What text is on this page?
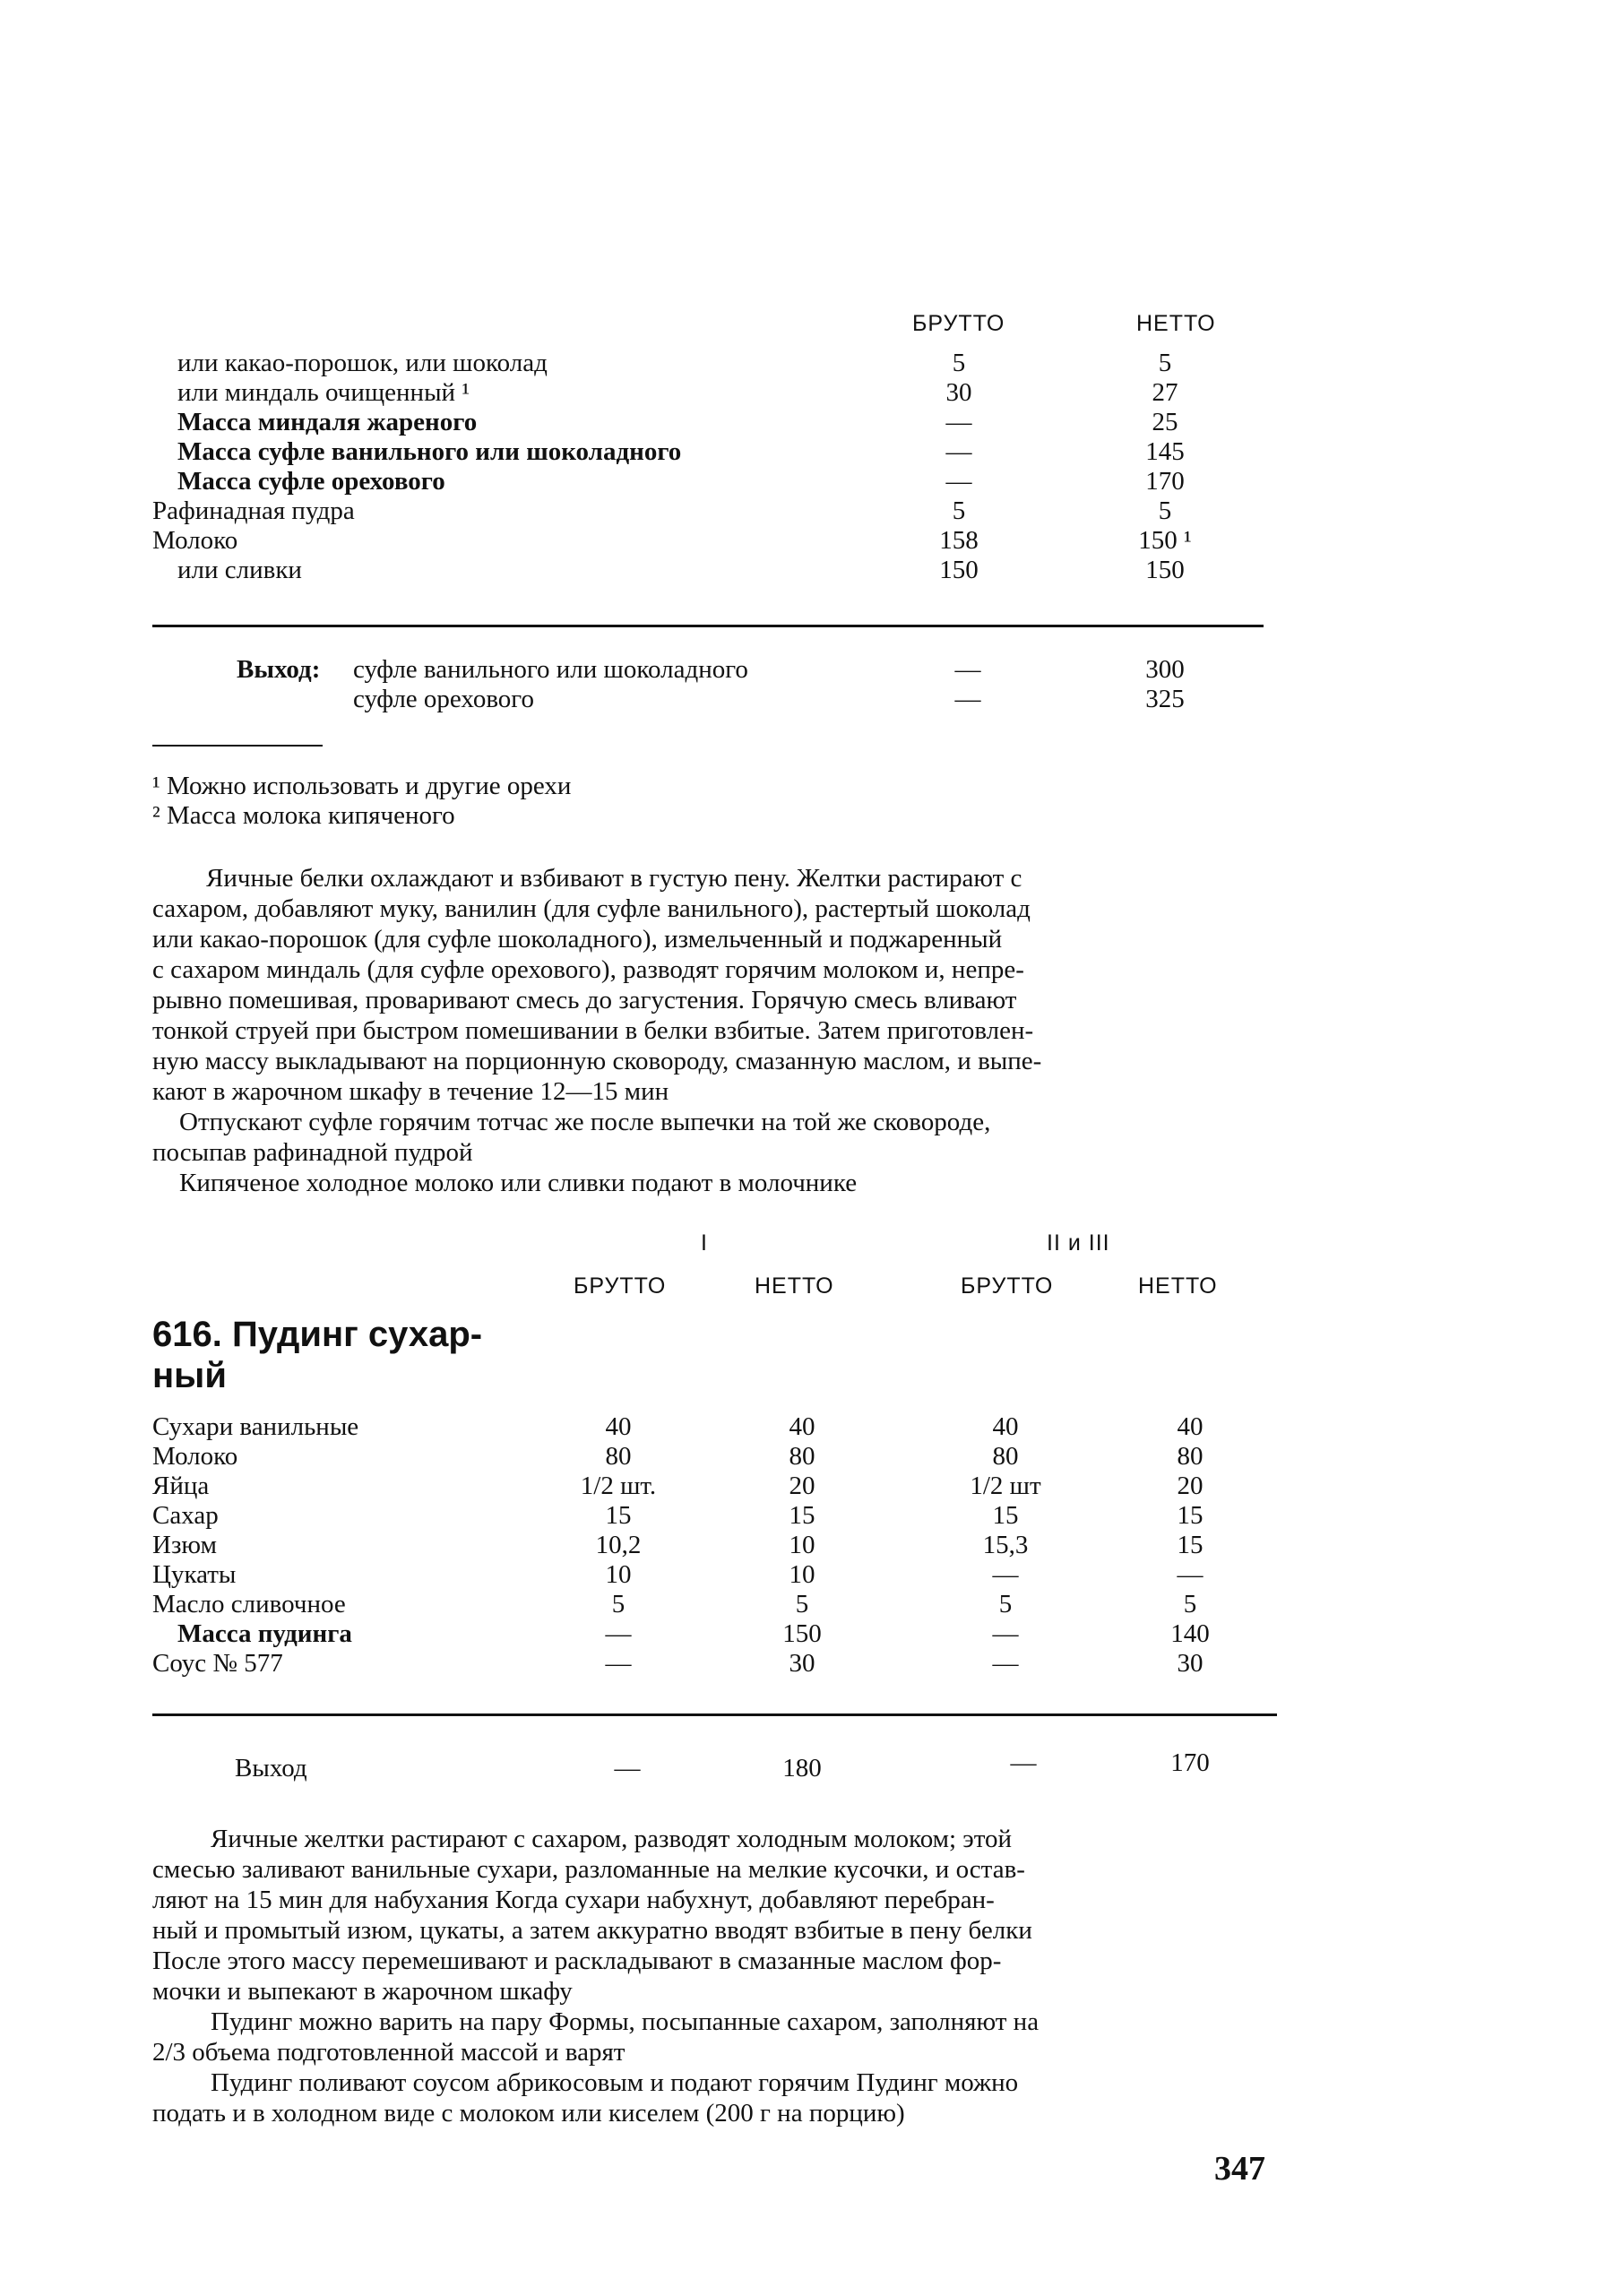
БРУТТО	НЕТТО
или какао-порошок, или шоколад	5	5
или миндаль очищенный ¹	30	27
Масса миндаля жареного	—	25
Масса суфле ванильного или шоколадного	—	145
Масса суфле орехового	—	170
Рафинадная пудра	5	5
Молоко	158	150 ¹
или сливки	150	150
Выход: суфле ванильного или шоколадного	—	300
суфле орехового	—	325
¹ Можно использовать и другие орехи
² Масса молока кипяченого
Яичные белки охлаждают и взбивают в густую пену. Желтки растирают с
сахаром, добавляют муку, ванилин (для суфле ванильного), растертый шоколад
или какао-порошок (для суфле шоколадного), измельченный и поджаренный
с сахаром миндаль (для суфле орехового), разводят горячим молоком и, непре-
рывно помешивая, проваривают смесь до загустения. Горячую смесь вливают
тонкой струей при быстром помешивании в белки взбитые. Затем приготовлен-
ную массу выкладывают на порционную сковороду, смазанную маслом, и выпе-
кают в жарочном шкафу в течение 12—15 мин
Отпускают суфле горячим тотчас же после выпечки на той же сковороде,
посыпав рафинадной пудрой
Кипяченое холодное молоко или сливки подают в молочнике
I	II и III
БРУТТО	НЕТТО	БРУТТО	НЕТТО
616. Пудинг сухар-
ный
Сухари ванильные	40	40	40	40
Молоко	80	80	80	80
Яйца	1/2 шт.	20	1/2 шт	20
Сахар	15	15	15	15
Изюм	10,2	10	15,3	15
Цукаты	10	10	—	—
Масло сливочное	5	5	5	5
Масса пудинга	—	150	—	140
Соус № 577	—	30	—	30
Выход	—	180	—	170
Яичные желтки растирают с сахаром, разводят холодным молоком; этой
смесью заливают ванильные сухари, разломанные на мелкие кусочки, и остав-
ляют на 15 мин для набухания Когда сухари набухнут, добавляют перебран-
ный и промытый изюм, цукаты, а затем аккуратно вводят взбитые в пену белки
После этого массу перемешивают и раскладывают в смазанные маслом фор-
мочки и выпекают в жарочном шкафу
Пудинг можно варить на пару Формы, посыпанные сахаром, заполняют на
2/3 объема подготовленной массой и варят
Пудинг поливают соусом абрикосовым и подают горячим Пудинг можно
подать и в холодном виде с молоком или киселем (200 г на порцию)
347
